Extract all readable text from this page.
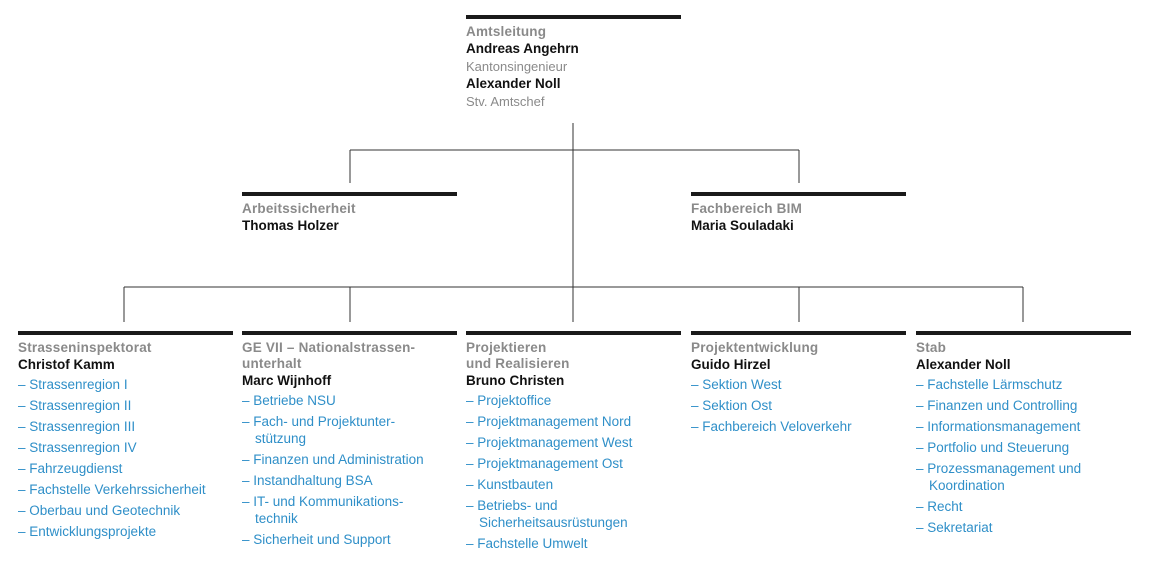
Amtsleitung
Andreas Angehrn
Kantonsingenieur
Alexander Noll
Stv. Amtschef
Arbeitssicherheit
Thomas Holzer
Fachbereich BIM
Maria Souladaki
Strasseninspektorat
Christof Kamm
– Strassenregion I
– Strassenregion II
– Strassenregion III
– Strassenregion IV
– Fahrzeugdienst
– Fachstelle Verkehrssicherheit
– Oberbau und Geotechnik
– Entwicklungsprojekte
GE VII – Nationalstrassen-
unterhalt
Marc Wijnhoff
– Betriebe NSU
– Fach- und Projektunter-
stützung
– Finanzen und Administration
– Instandhaltung BSA
– IT- und Kommunikations-
technik
– Sicherheit und Support
Projektieren
und Realisieren
Bruno Christen
– Projektoffice
– Projektmanagement Nord
– Projektmanagement West
– Projektmanagement Ost
– Kunstbauten
– Betriebs- und
Sicherheitsausrüstungen
– Fachstelle Umwelt
Projektentwicklung
Guido Hirzel
– Sektion West
– Sektion Ost
– Fachbereich Veloverkehr
Stab
Alexander Noll
– Fachstelle Lärmschutz
– Finanzen und Controlling
– Informationsmanagement
– Portfolio und Steuerung
– Prozessmanagement und
Koordination
– Recht
– Sekretariat
